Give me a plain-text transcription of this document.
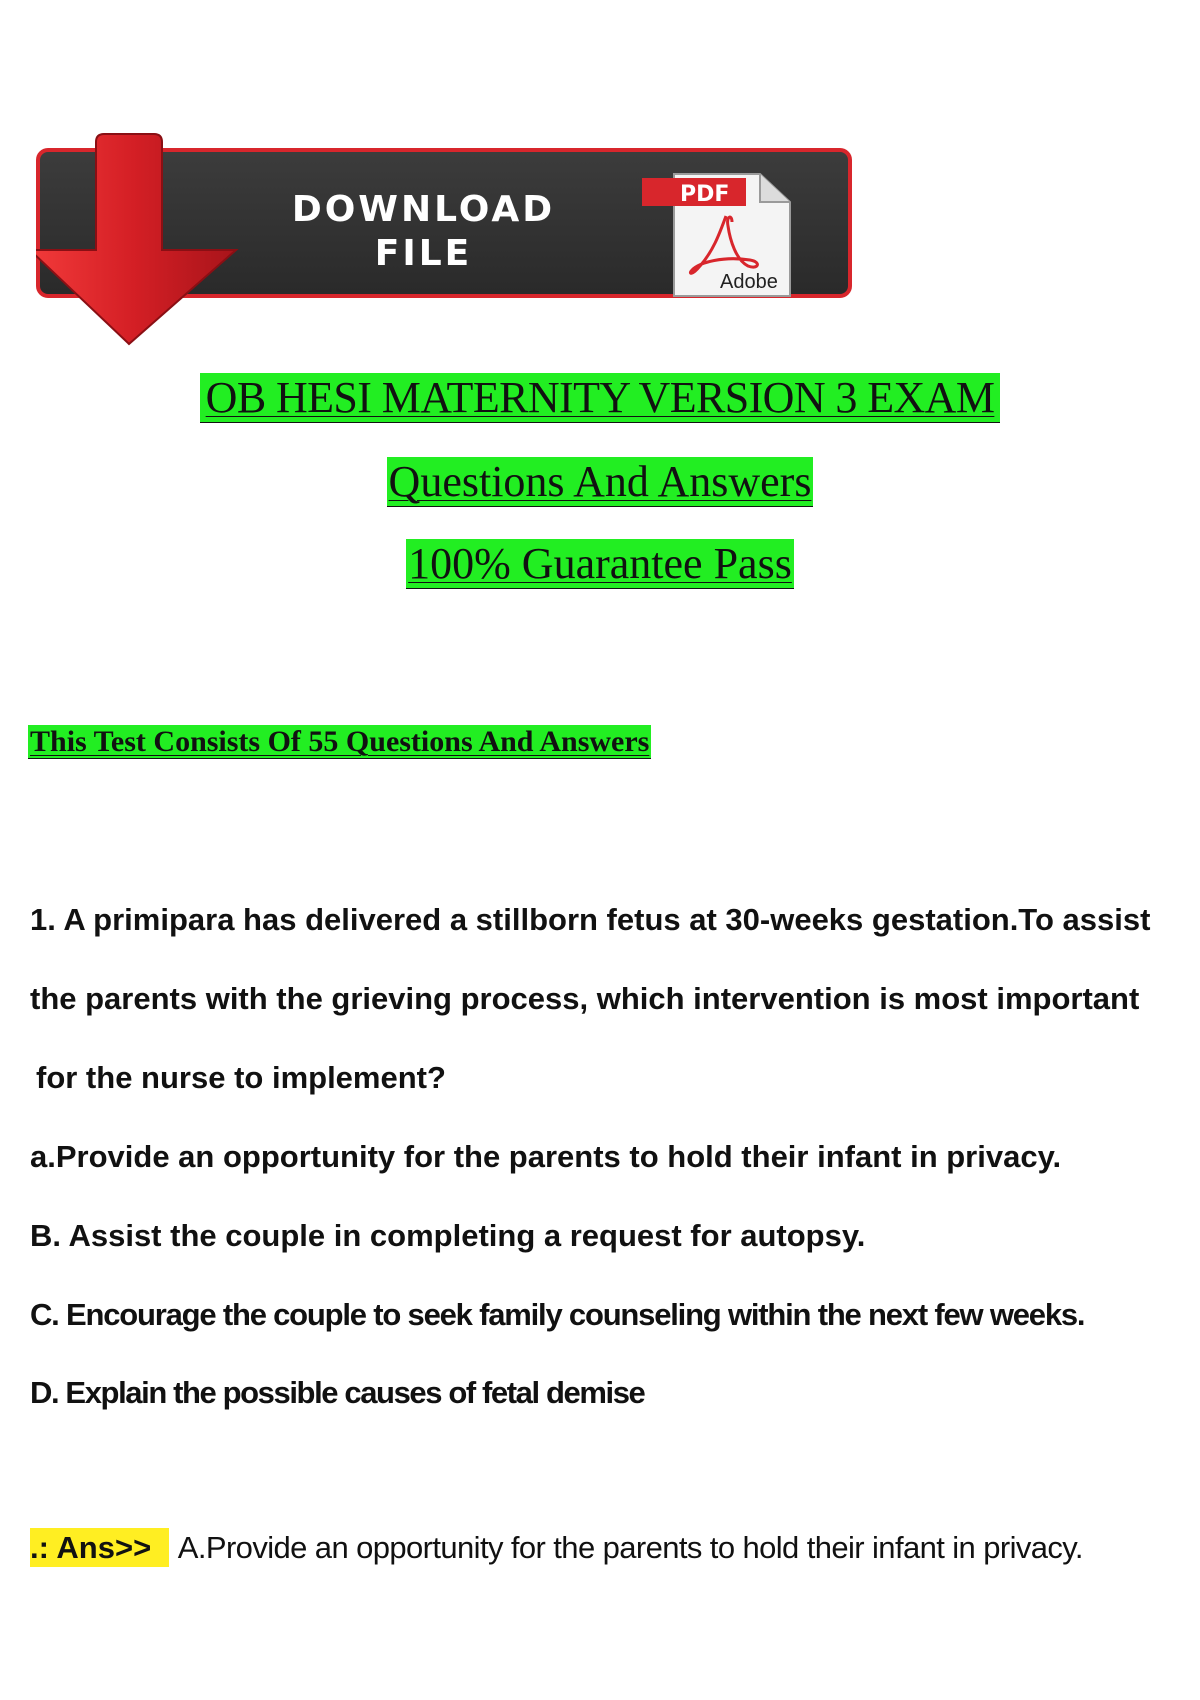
DOWNLOAD
FILE
PDF
Adobe
OB HESI MATERNITY VERSION 3 EXAM
Questions And Answers
100% Guarantee Pass
This Test Consists Of 55 Questions And Answers
1. A primipara has delivered a stillborn fetus at 30-weeks gestation.To assist
the parents with the grieving process, which intervention is most important
for the nurse to implement?
a.Provide an opportunity for the parents to hold their infant in privacy.
B. Assist the couple in completing a request for autopsy.
C. Encourage the couple to seek family counseling within the next few weeks.
D. Explain the possible causes of fetal demise
.: Ans>> A.Provide an opportunity for the parents to hold their infant in privacy.
